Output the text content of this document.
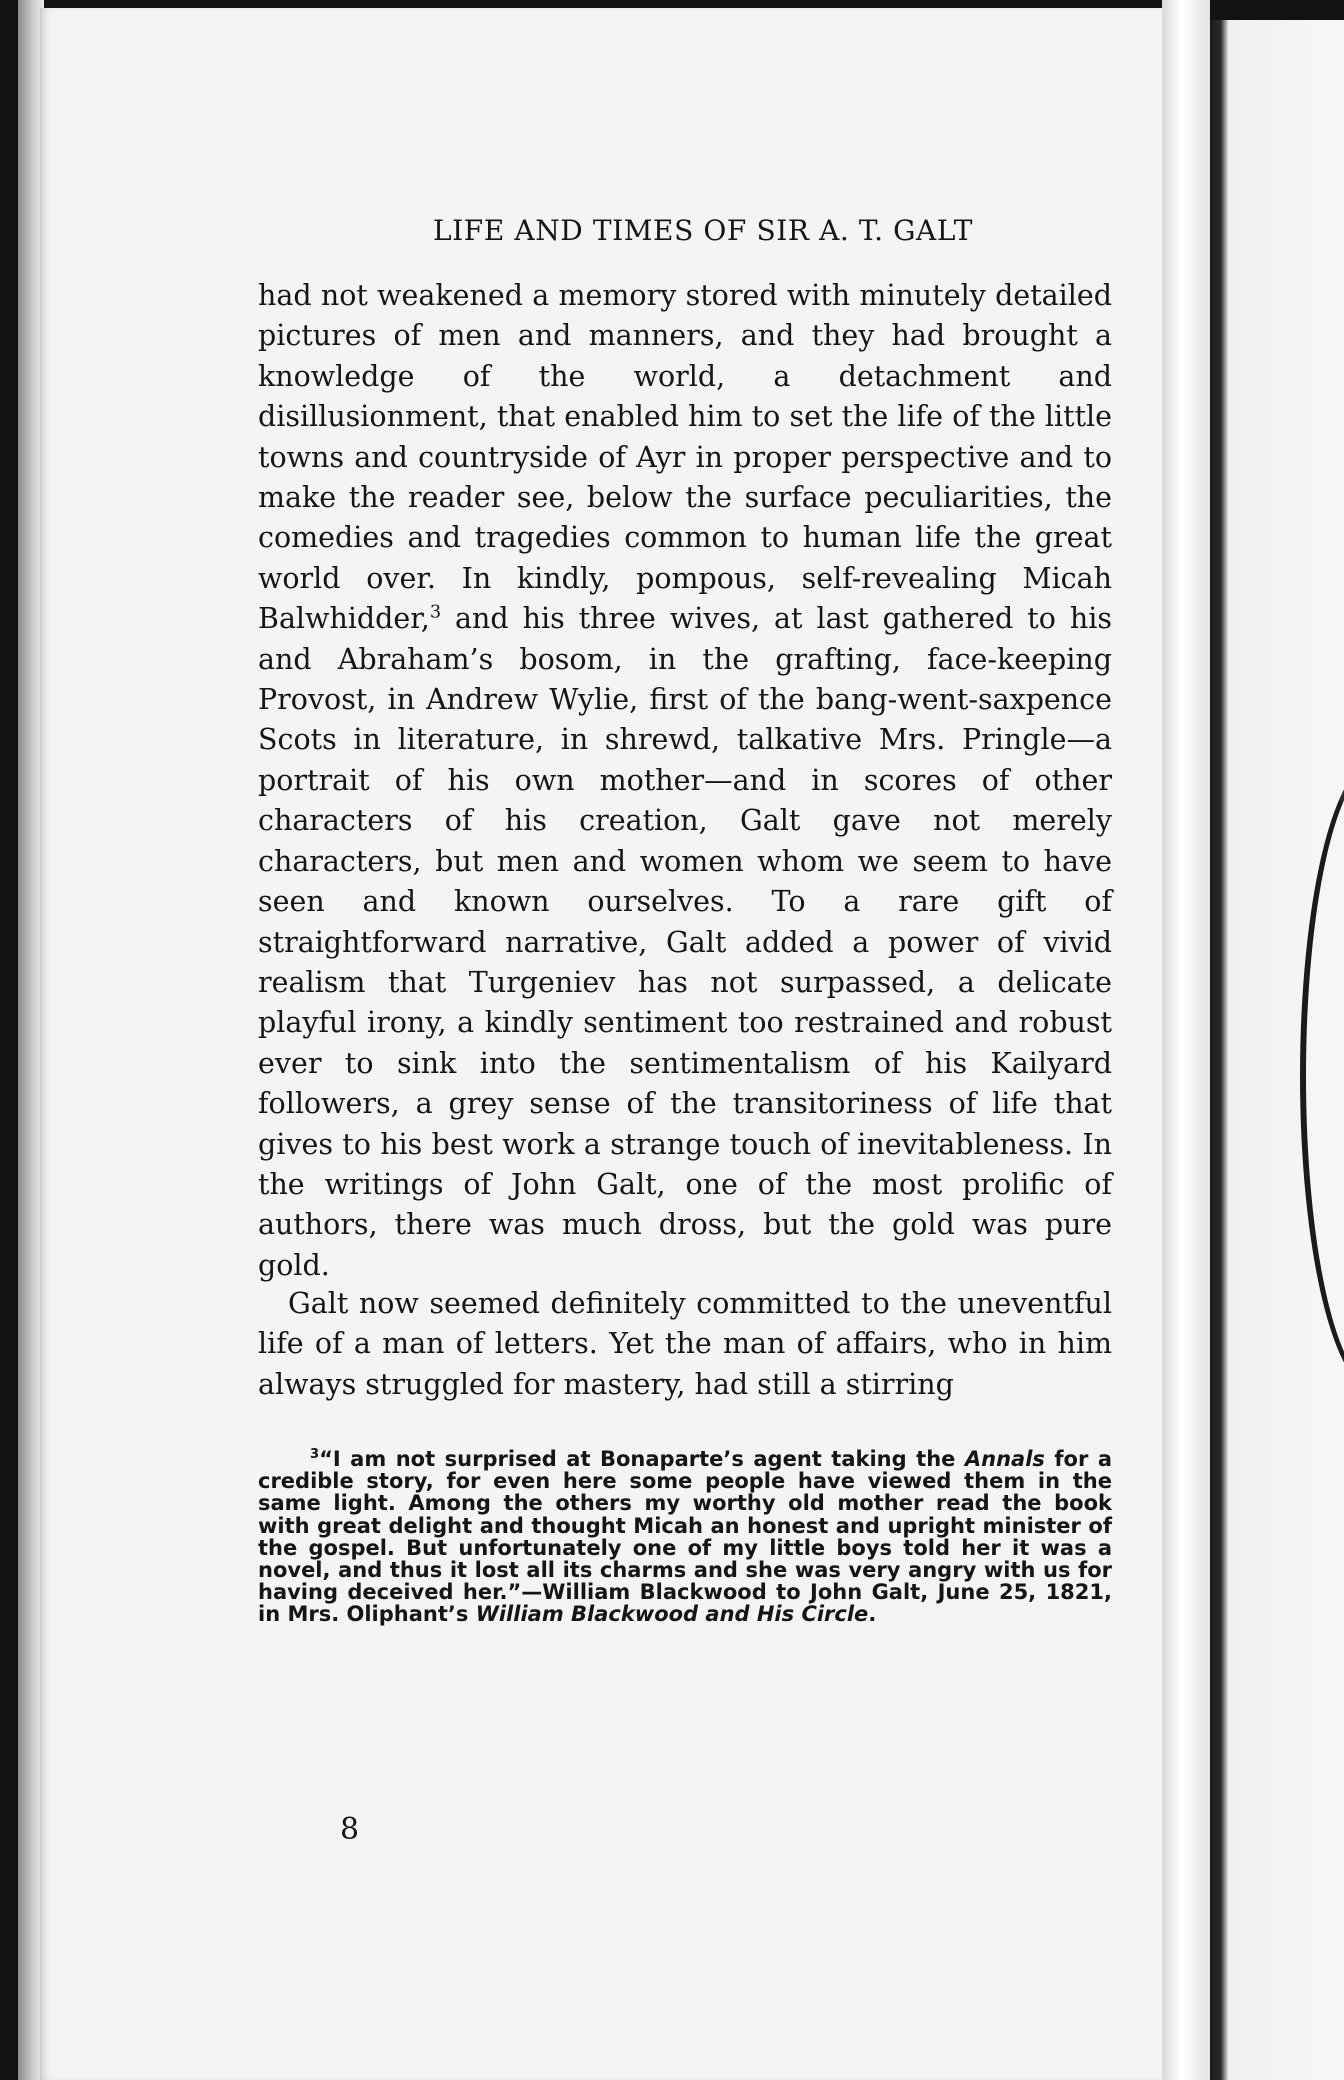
LIFE AND TIMES OF SIR A. T. GALT
had not weakened a memory stored with minutely detailed pictures of men and manners, and they had brought a knowledge of the world, a detachment and disillusionment, that enabled him to set the life of the little towns and countryside of Ayr in proper perspective and to make the reader see, below the surface peculiarities, the comedies and tragedies common to human life the great world over. In kindly, pompous, self-revealing Micah Balwhidder,$^3$ and his three wives, at last gathered to his and Abraham’s bosom, in the grafting, face-keeping Provost, in Andrew Wylie, first of the bang-went-saxpence Scots in literature, in shrewd, talkative Mrs. Pringle—a portrait of his own mother—and in scores of other characters of his creation, Galt gave not merely characters, but men and women whom we seem to have seen and known ourselves. To a rare gift of straightforward narrative, Galt added a power of vivid realism that Turgeniev has not surpassed, a delicate playful irony, a kindly sentiment too restrained and robust ever to sink into the sentimentalism of his Kailyard followers, a grey sense of the transitoriness of life that gives to his best work a strange touch of inevitableness. In the writings of John Galt, one of the most prolific of authors, there was much dross, but the gold was pure gold.
Galt now seemed definitely committed to the uneventful life of a man of letters. Yet the man of affairs, who in him always struggled for mastery, had still a stirring
$^3$“I am not surprised at Bonaparte’s agent taking the Annals for a credible story, for even here some people have viewed them in the same light. Among the others my worthy old mother read the book with great delight and thought Micah an honest and upright minister of the gospel. But unfortunately one of my little boys told her it was a novel, and thus it lost all its charms and she was very angry with us for having deceived her.”—William Blackwood to John Galt, June 25, 1821, in Mrs. Oliphant’s William Blackwood and His Circle.
8
